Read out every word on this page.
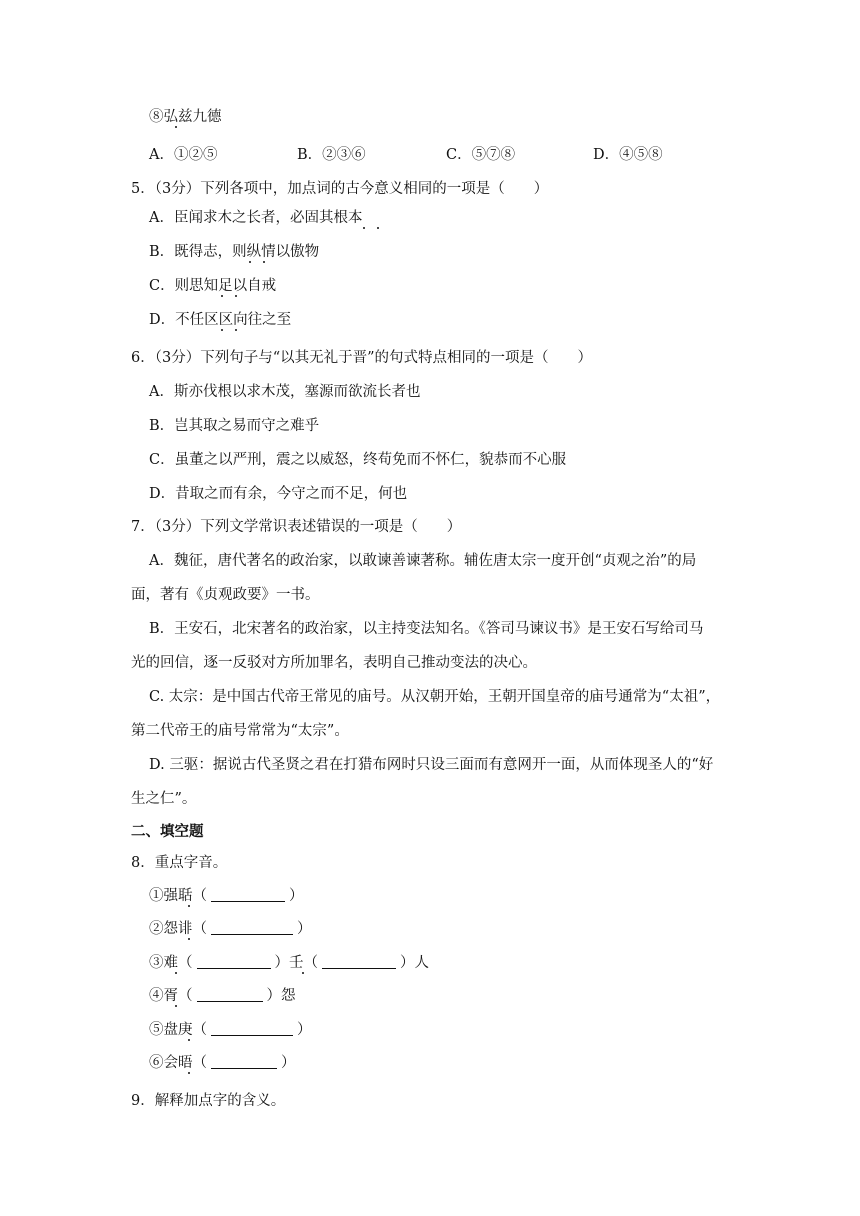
⑧弘兹九德
A．①②⑤	B．②③⑥	C．⑤⑦⑧	D．④⑤⑧
5．（3分）下列各项中，加点词的古今意义相同的一项是（　　）
A．臣闻求木之长者，必固其根本
B．既得志，则纵情以傲物
C．则思知足以自戒
D．不任区区向往之至
6．（3分）下列句子与“以其无礼于晋”的句式特点相同的一项是（　　）
A．斯亦伐根以求木茂，塞源而欲流长者也
B．岂其取之易而守之难乎
C．虽董之以严刑，震之以威怒，终苟免而不怀仁，貌恭而不心服
D．昔取之而有余，今守之而不足，何也
7．（3分）下列文学常识表述错误的一项是（　　）
A．魏征，唐代著名的政治家，以敢谏善谏著称。辅佐唐太宗一度开创“贞观之治”的局
面，著有《贞观政要》一书。
B．王安石，北宋著名的政治家，以主持变法知名。《答司马谏议书》是王安石写给司马
光的回信，逐一反驳对方所加罪名，表明自己推动变法的决心。
C. 太宗：是中国古代帝王常见的庙号。从汉朝开始，王朝开国皇帝的庙号通常为“太祖”，
第二代帝王的庙号常常为“太宗”。
D. 三驱：据说古代圣贤之君在打猎布网时只设三面而有意网开一面，从而体现圣人的“好
生之仁”。
二、填空题
8．重点字音。
①强聒（	）
②怨诽（	）
③难（	）壬（	）人
④胥（	）怨
⑤盘庚（	）
⑥会晤（	）
9．解释加点字的含义。
